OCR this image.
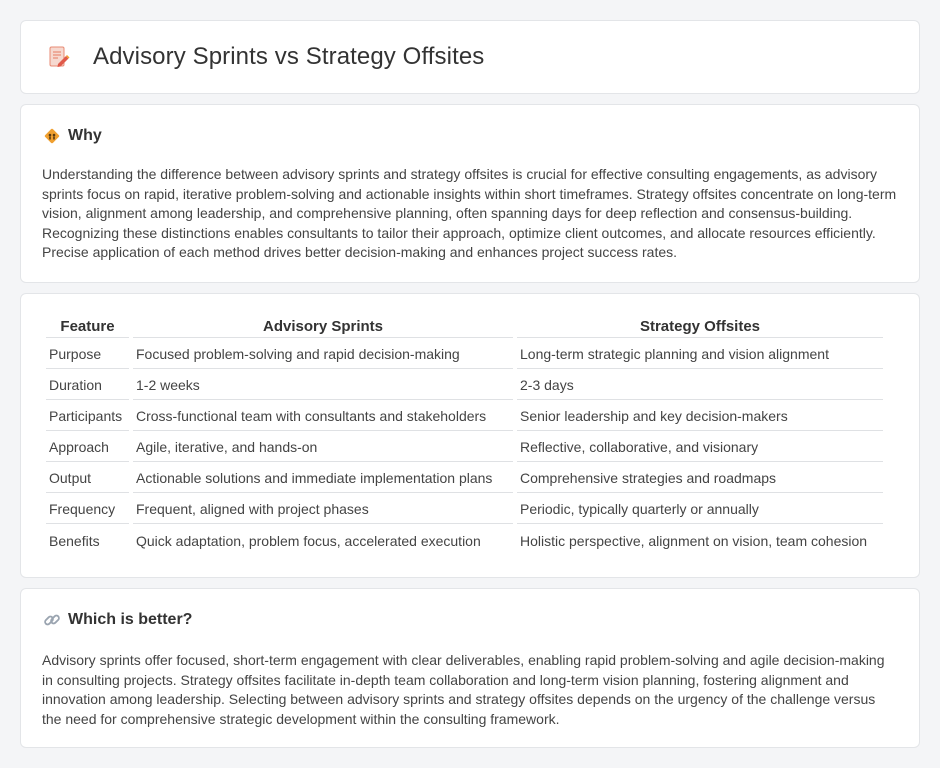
Advisory Sprints vs Strategy Offsites
Why

Understanding the difference between advisory sprints and strategy offsites is crucial for effective consulting engagements, as advisory sprints focus on rapid, iterative problem-solving and actionable insights within short timeframes. Strategy offsites concentrate on long-term vision, alignment among leadership, and comprehensive planning, often spanning days for deep reflection and consensus-building. Recognizing these distinctions enables consultants to tailor their approach, optimize client outcomes, and allocate resources efficiently. Precise application of each method drives better decision-making and enhances project success rates.

Feature	Advisory Sprints	Strategy Offsites
Purpose	Focused problem-solving and rapid decision-making	Long-term strategic planning and vision alignment
Duration	1-2 weeks	2-3 days
Participants	Cross-functional team with consultants and stakeholders	Senior leadership and key decision-makers
Approach	Agile, iterative, and hands-on	Reflective, collaborative, and visionary
Output	Actionable solutions and immediate implementation plans	Comprehensive strategies and roadmaps
Frequency	Frequent, aligned with project phases	Periodic, typically quarterly or annually
Benefits	Quick adaptation, problem focus, accelerated execution	Holistic perspective, alignment on vision, team cohesion
Which is better?

Advisory sprints offer focused, short-term engagement with clear deliverables, enabling rapid problem-solving and agile decision-making in consulting projects. Strategy offsites facilitate in-depth team collaboration and long-term vision planning, fostering alignment and innovation among leadership. Selecting between advisory sprints and strategy offsites depends on the urgency of the challenge versus the need for comprehensive strategic development within the consulting framework.
